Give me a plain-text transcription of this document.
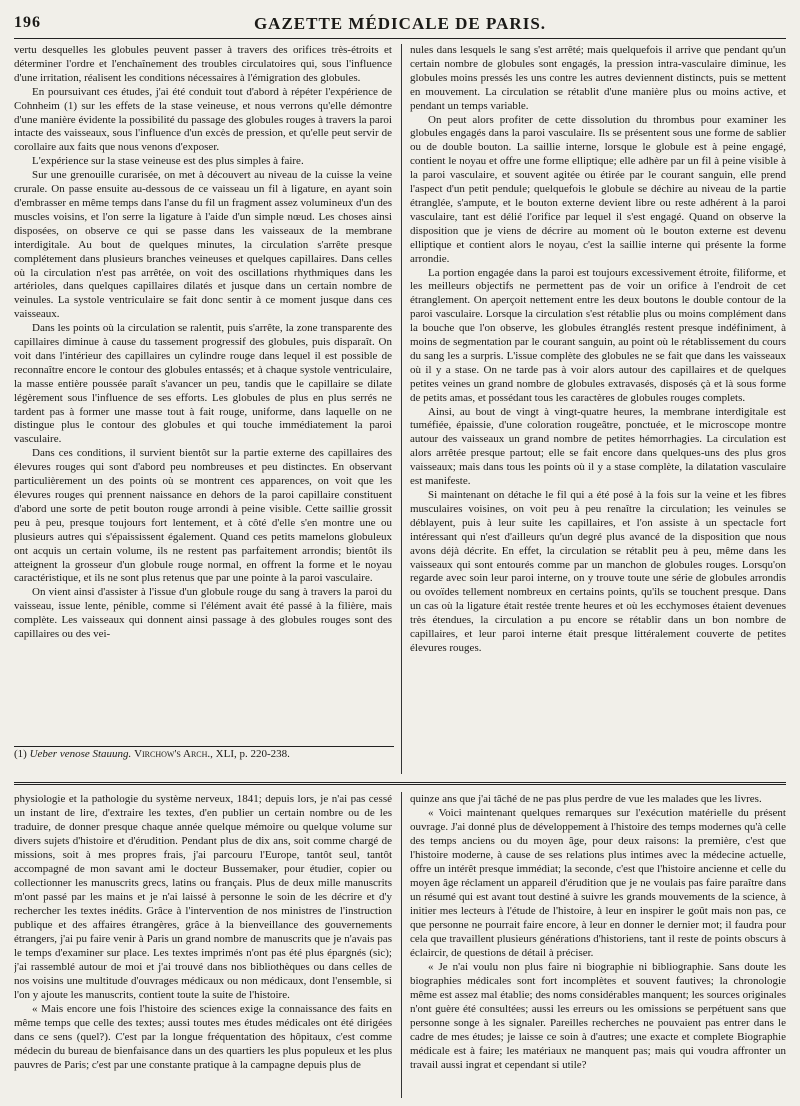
196	GAZETTE MÉDICALE DE PARIS.

vertu desquelles les globules peuvent passer à travers des orifices très-étroits et déterminer l'ordre et l'enchaînement des troubles circulatoires qui, sous l'influence d'une irritation, réalisent les conditions nécessaires à l'émigration des globules.

En poursuivant ces études, j'ai été conduit tout d'abord à répéter l'expérience de Cohnheim (1) sur les effets de la stase veineuse, et nous verrons qu'elle démontre d'une manière évidente la possibilité du passage des globules rouges à travers la paroi intacte des vaisseaux, sous l'influence d'un excès de pression, et qu'elle peut servir de corollaire aux faits que nous venons d'exposer.

L'expérience sur la stase veineuse est des plus simples à faire.

Sur une grenouille curarisée, on met à découvert au niveau de la cuisse la veine crurale. On passe ensuite au-dessous de ce vaisseau un fil à ligature, en ayant soin d'embrasser en même temps dans l'anse du fil un fragment assez volumineux d'un des muscles voisins, et l'on serre la ligature à l'aide d'un simple nœud. Les choses ainsi disposées, on observe ce qui se passe dans les vaisseaux de la membrane interdigitale. Au bout de quelques minutes, la circulation s'arrête presque complétement dans plusieurs branches veineuses et quelques capillaires. Dans celles où la circulation n'est pas arrêtée, on voit des oscillations rhythmiques dans les artérioles, dans quelques capillaires dilatés et jusque dans un certain nombre de veinules. La systole ventriculaire se fait donc sentir à ce moment jusque dans ces vaisseaux.

Dans les points où la circulation se ralentit, puis s'arrête, la zone transparente des capillaires diminue à cause du tassement progressif des globules, puis disparaît. On voit dans l'intérieur des capillaires un cylindre rouge dans lequel il est possible de reconnaître encore le contour des globules entassés; et à chaque systole ventriculaire, la masse entière poussée paraît s'avancer un peu, tandis que le capillaire se dilate légèrement sous l'influence de ses efforts. Les globules de plus en plus serrés ne tardent pas à former une masse tout à fait rouge, uniforme, dans laquelle on ne distingue plus le contour des globules et qui touche immédiatement la paroi vasculaire.

Dans ces conditions, il survient bientôt sur la partie externe des capillaires des élevures rouges qui sont d'abord peu nombreuses et peu distinctes. En observant particulièrement un des points où se montrent ces apparences, on voit que les élevures rouges qui prennent naissance en dehors de la paroi capillaire constituent d'abord une sorte de petit bouton rouge arrondi à peine visible. Cette saillie grossit peu à peu, presque toujours fort lentement, et à côté d'elle s'en montre une ou plusieurs autres qui s'épaississent également. Quand ces petits mamelons globuleux ont acquis un certain volume, ils ne restent pas parfaitement arrondis; bientôt ils atteignent la grosseur d'un globule rouge normal, en offrent la forme et le noyau caractéristique, et ils ne sont plus retenus que par une pointe à la paroi vasculaire.

On vient ainsi d'assister à l'issue d'un globule rouge du sang à travers la paroi du vaisseau, issue lente, pénible, comme si l'élément avait été passé à la filière, mais complète. Les vaisseaux qui donnent ainsi passage à des globules rouges sont des capillaires ou des vei-

nules dans lesquels le sang s'est arrêté; mais quelquefois il arrive que pendant qu'un certain nombre de globules sont engagés, la pression intra-vasculaire diminue, les globules moins pressés les uns contre les autres deviennent distincts, puis se mettent en mouvement. La circulation se rétablit d'une manière plus ou moins active, et pendant un temps variable.

On peut alors profiter de cette dissolution du thrombus pour examiner les globules engagés dans la paroi vasculaire. Ils se présentent sous une forme de sablier ou de double bouton. La saillie interne, lorsque le globule est à peine engagé, contient le noyau et offre une forme elliptique; elle adhère par un fil à peine visible à la paroi vasculaire, et souvent agitée ou étirée par le courant sanguin, elle prend l'aspect d'un petit pendule; quelquefois le globule se déchire au niveau de la partie étranglée, s'ampute, et le bouton externe devient libre ou reste adhérent à la paroi vasculaire, tant est délié l'orifice par lequel il s'est engagé. Quand on observe la disposition que je viens de décrire au moment où le bouton externe est devenu elliptique et contient alors le noyau, c'est la saillie interne qui présente la forme arrondie.

La portion engagée dans la paroi est toujours excessivement étroite, filiforme, et les meilleurs objectifs ne permettent pas de voir un orifice à l'endroit de cet étranglement. On aperçoit nettement entre les deux boutons le double contour de la paroi vasculaire. Lorsque la circulation s'est rétablie plus ou moins complément dans la bouche que l'on observe, les globules étranglés restent presque indéfiniment, à moins de segmentation par le courant sanguin, au point où le rétablissement du cours du sang les a surpris. L'issue complète des globules ne se fait que dans les vaisseaux où il y a stase. On ne tarde pas à voir alors autour des capillaires et de quelques petites veines un grand nombre de globules extravasés, disposés çà et là sous forme de petits amas, et possédant tous les caractères de globules rouges complets.

Ainsi, au bout de vingt à vingt-quatre heures, la membrane interdigitale est tuméfiée, épaissie, d'une coloration rougeâtre, ponctuée, et le microscope montre autour des vaisseaux un grand nombre de petites hémorrhagies. La circulation est alors arrêtée presque partout; elle se fait encore dans quelques-uns des plus gros vaisseaux; mais dans tous les points où il y a stase complète, la dilatation vasculaire est manifeste.

Si maintenant on détache le fil qui a été posé à la fois sur la veine et les fibres musculaires voisines, on voit peu à peu renaître la circulation; les veinules se déblayent, puis à leur suite les capillaires, et l'on assiste à un spectacle fort intéressant qui n'est d'ailleurs qu'un degré plus avancé de la disposition que nous avons déjà décrite. En effet, la circulation se rétablit peu à peu, même dans les vaisseaux qui sont entourés comme par un manchon de globules rouges. Lorsqu'on regarde avec soin leur paroi interne, on y trouve toute une série de globules arrondis ou ovoïdes tellement nombreux en certains points, qu'ils se touchent presque. Dans un cas où la ligature était restée trente heures et où les ecchymoses étaient devenues très étendues, la circulation a pu encore se rétablir dans un bon nombre de capillaires, et leur paroi interne était presque littéralement couverte de petites élevures rouges.

(1) Ueber venose Stauung. Virchow's Arch., XLI, p. 220-238.

physiologie et la pathologie du système nerveux, 1841; depuis lors, je n'ai pas cessé un instant de lire, d'extraire les textes, d'en publier un certain nombre ou de les traduire, de donner presque chaque année quelque mémoire ou quelque volume sur divers sujets d'histoire et d'érudition. Pendant plus de dix ans, soit comme chargé de missions, soit à mes propres frais, j'ai parcouru l'Europe, tantôt seul, tantôt accompagné de mon savant ami le docteur Bussemaker, pour étudier, copier ou collectionner les manuscrits grecs, latins ou français. Plus de deux mille manuscrits m'ont passé par les mains et je n'ai laissé à personne le soin de les décrire et d'y rechercher les textes inédits. Grâce à l'intervention de nos ministres de l'instruction publique et des affaires étrangères, grâce à la bienveillance des gouvernements étrangers, j'ai pu faire venir à Paris un grand nombre de manuscrits que je n'avais pas le temps d'examiner sur place. Les textes imprimés n'ont pas été plus épargnés (sic); j'ai rassemblé autour de moi et j'ai trouvé dans nos bibliothèques ou dans celles de nos voisins une multitude d'ouvrages médicaux ou non médicaux, dont l'ensemble, si l'on y ajoute les manuscrits, contient toute la suite de l'histoire.

« Mais encore une fois l'histoire des sciences exige la connaissance des faits en même temps que celle des textes; aussi toutes mes études médicales ont été dirigées dans ce sens (quel?). C'est par la longue fréquentation des hôpitaux, c'est comme médecin du bureau de bienfaisance dans un des quartiers les plus populeux et les plus pauvres de Paris; c'est par une constante pratique à la campagne depuis plus de

quinze ans que j'ai tâché de ne pas plus perdre de vue les malades que les livres.

« Voici maintenant quelques remarques sur l'exécution matérielle du présent ouvrage. J'ai donné plus de développement à l'histoire des temps modernes qu'à celle des temps anciens ou du moyen âge, pour deux raisons: la première, c'est que l'histoire moderne, à cause de ses relations plus intimes avec la médecine actuelle, offre un intérêt presque immédiat; la seconde, c'est que l'histoire ancienne et celle du moyen âge réclament un appareil d'érudition que je ne voulais pas faire paraître dans un résumé qui est avant tout destiné à suivre les grands mouvements de la science, à initier mes lecteurs à l'étude de l'histoire, à leur en inspirer le goût mais non pas, ce que personne ne pourrait faire encore, à leur en donner le dernier mot; il faudra pour cela que travaillent plusieurs générations d'historiens, tant il reste de points obscurs à éclaircir, de questions de détail à préciser.

« Je n'ai voulu non plus faire ni biographie ni bibliographie. Sans doute les biographies médicales sont fort incomplètes et souvent fautives; la chronologie même est assez mal établie; des noms considérables manquent; les sources originales n'ont guère été consultées; aussi les erreurs ou les omissions se perpétuent sans que personne songe à les signaler. Pareilles recherches ne pouvaient pas entrer dans le cadre de mes études; je laisse ce soin à d'autres; une exacte et complete Biographie médicale est à faire; les matériaux ne manquent pas; mais qui voudra affronter un travail aussi ingrat et cependant si utile?
